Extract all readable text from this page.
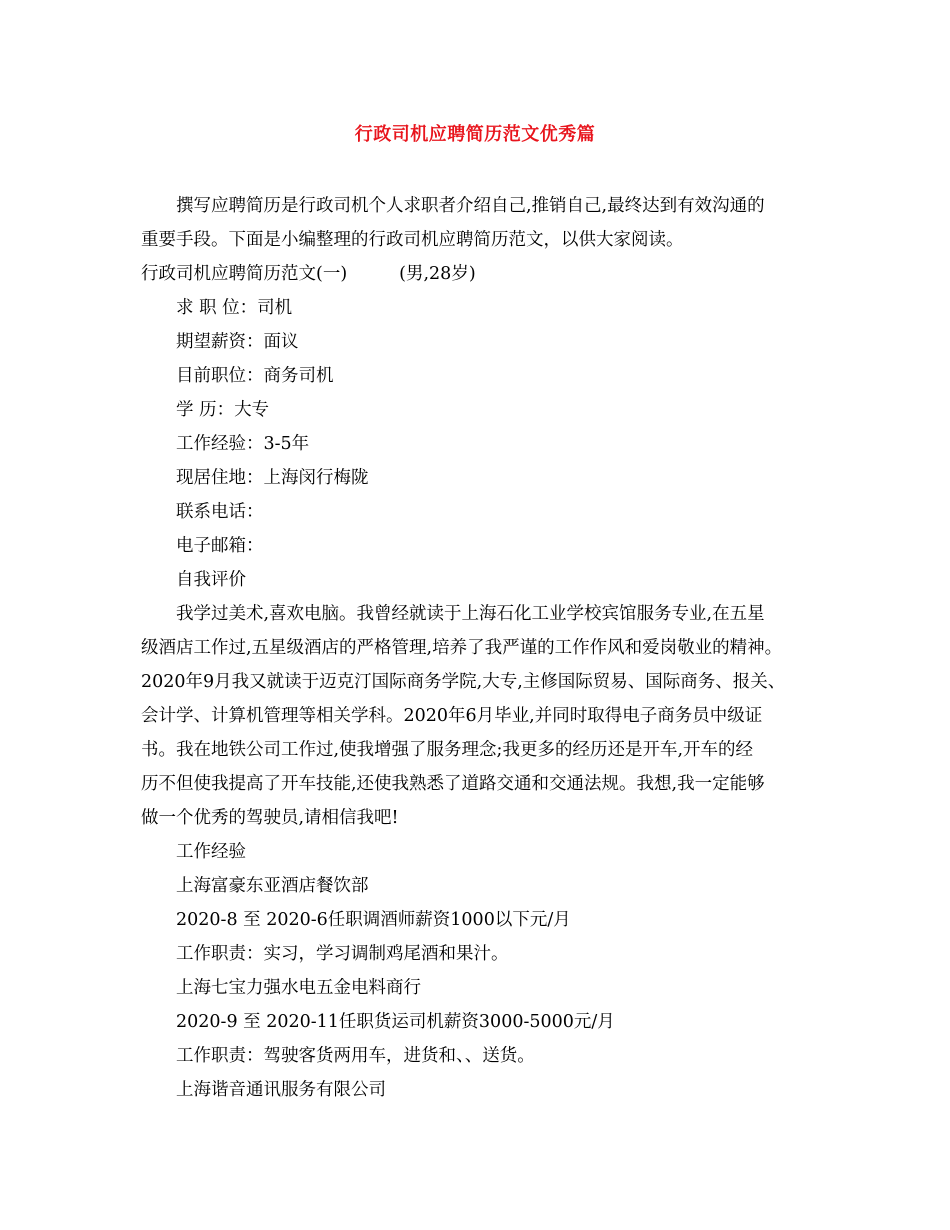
行政司机应聘简历范文优秀篇
撰写应聘简历是行政司机个人求职者介绍自己,推销自己,最终达到有效沟通的
重要手段。下面是小编整理的行政司机应聘简历范文，以供大家阅读。
行政司机应聘简历范文(一)	(男,28岁)
求 职 位：司机
期望薪资：面议
目前职位：商务司机
学 历：大专
工作经验：3-5年
现居住地：上海闵行梅陇
联系电话：
电子邮箱：
自我评价
我学过美术,喜欢电脑。我曾经就读于上海石化工业学校宾馆服务专业,在五星
级酒店工作过,五星级酒店的严格管理,培养了我严谨的工作作风和爱岗敬业的精神。
2020年9月我又就读于迈克汀国际商务学院,大专,主修国际贸易、国际商务、报关、
会计学、计算机管理等相关学科。2020年6月毕业,并同时取得电子商务员中级证
书。我在地铁公司工作过,使我增强了服务理念;我更多的经历还是开车,开车的经
历不但使我提高了开车技能,还使我熟悉了道路交通和交通法规。我想,我一定能够
做一个优秀的驾驶员,请相信我吧!
工作经验
上海富豪东亚酒店餐饮部
2020-8 至 2020-6任职调酒师薪资1000以下元/月
工作职责：实习，学习调制鸡尾酒和果汁。
上海七宝力强水电五金电料商行
2020-9 至 2020-11任职货运司机薪资3000-5000元/月
工作职责：驾驶客货两用车，进货和、、送货。
上海谐音通讯服务有限公司
